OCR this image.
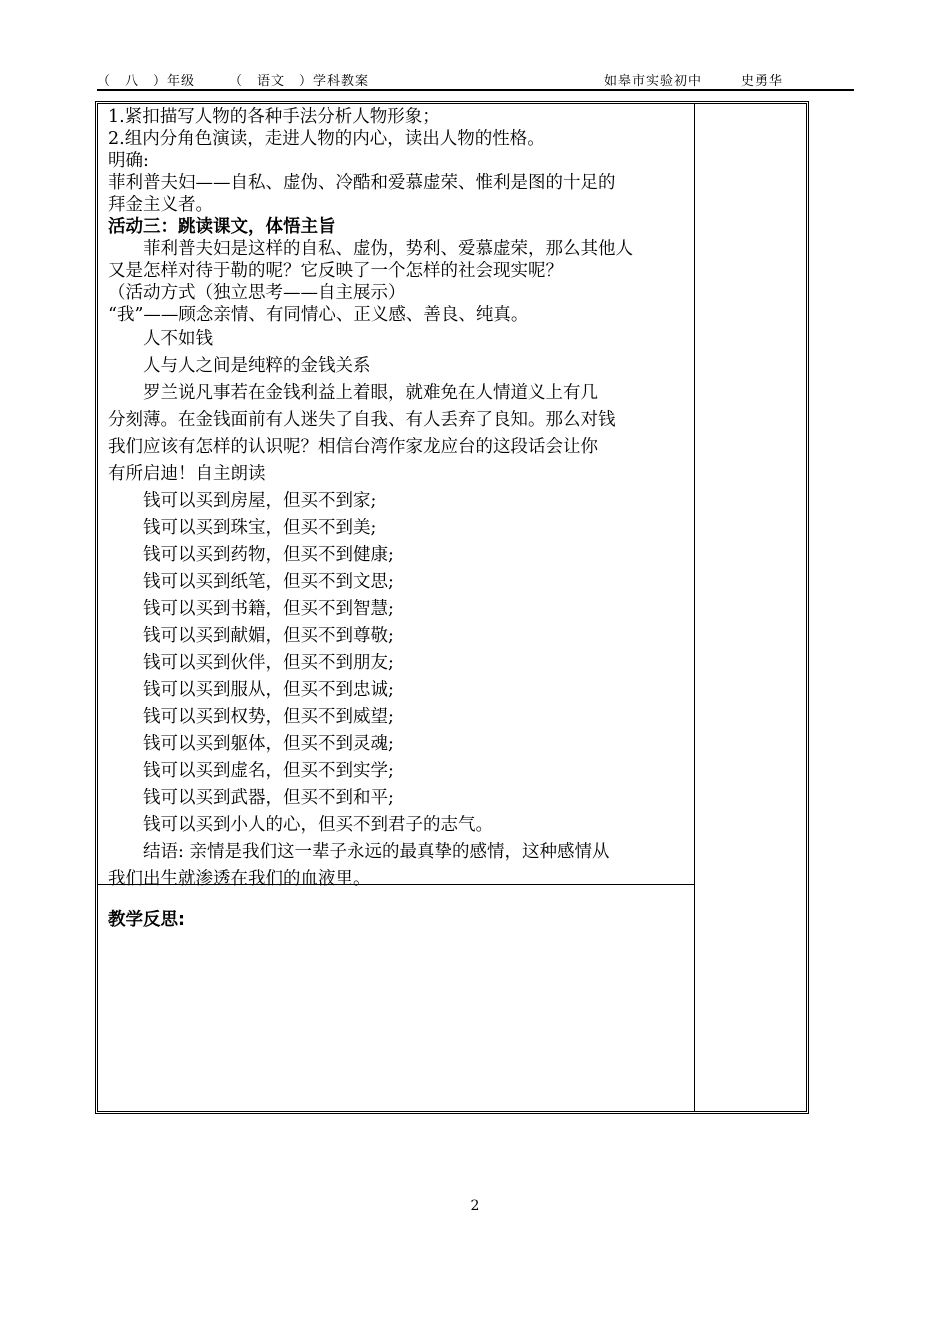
（　八　）年级	（　语文　）学科教案	如皋市实验初中	史勇华

1.紧扣描写人物的各种手法分析人物形象；

2.组内分角色演读，走进人物的内心，读出人物的性格。

明确:

菲利普夫妇——自私、虚伪、冷酷和爱慕虚荣、惟利是图的十足的

拜金主义者。

活动三：跳读课文，体悟主旨

菲利普夫妇是这样的自私、虚伪，势利、爱慕虚荣，那么其他人

又是怎样对待于勒的呢？它反映了一个怎样的社会现实呢？

（活动方式（独立思考——自主展示）

“我”——顾念亲情、有同情心、正义感、善良、纯真。

人不如钱

人与人之间是纯粹的金钱关系

罗兰说凡事若在金钱利益上着眼，就难免在人情道义上有几

分刻薄。在金钱面前有人迷失了自我、有人丢弃了良知。那么对钱

我们应该有怎样的认识呢？相信台湾作家龙应台的这段话会让你

有所启迪！自主朗读

钱可以买到房屋，但买不到家;

钱可以买到珠宝，但买不到美;

钱可以买到药物，但买不到健康;

钱可以买到纸笔，但买不到文思;

钱可以买到书籍，但买不到智慧;

钱可以买到献媚，但买不到尊敬;

钱可以买到伙伴，但买不到朋友;

钱可以买到服从，但买不到忠诚;

钱可以买到权势，但买不到威望;

钱可以买到躯体，但买不到灵魂;

钱可以买到虚名，但买不到实学;

钱可以买到武器，但买不到和平;

钱可以买到小人的心，但买不到君子的志气。

结语: 亲情是我们这一辈子永远的最真挚的感情，这种感情从

我们出生就渗透在我们的血液里。

教学反思:
2
